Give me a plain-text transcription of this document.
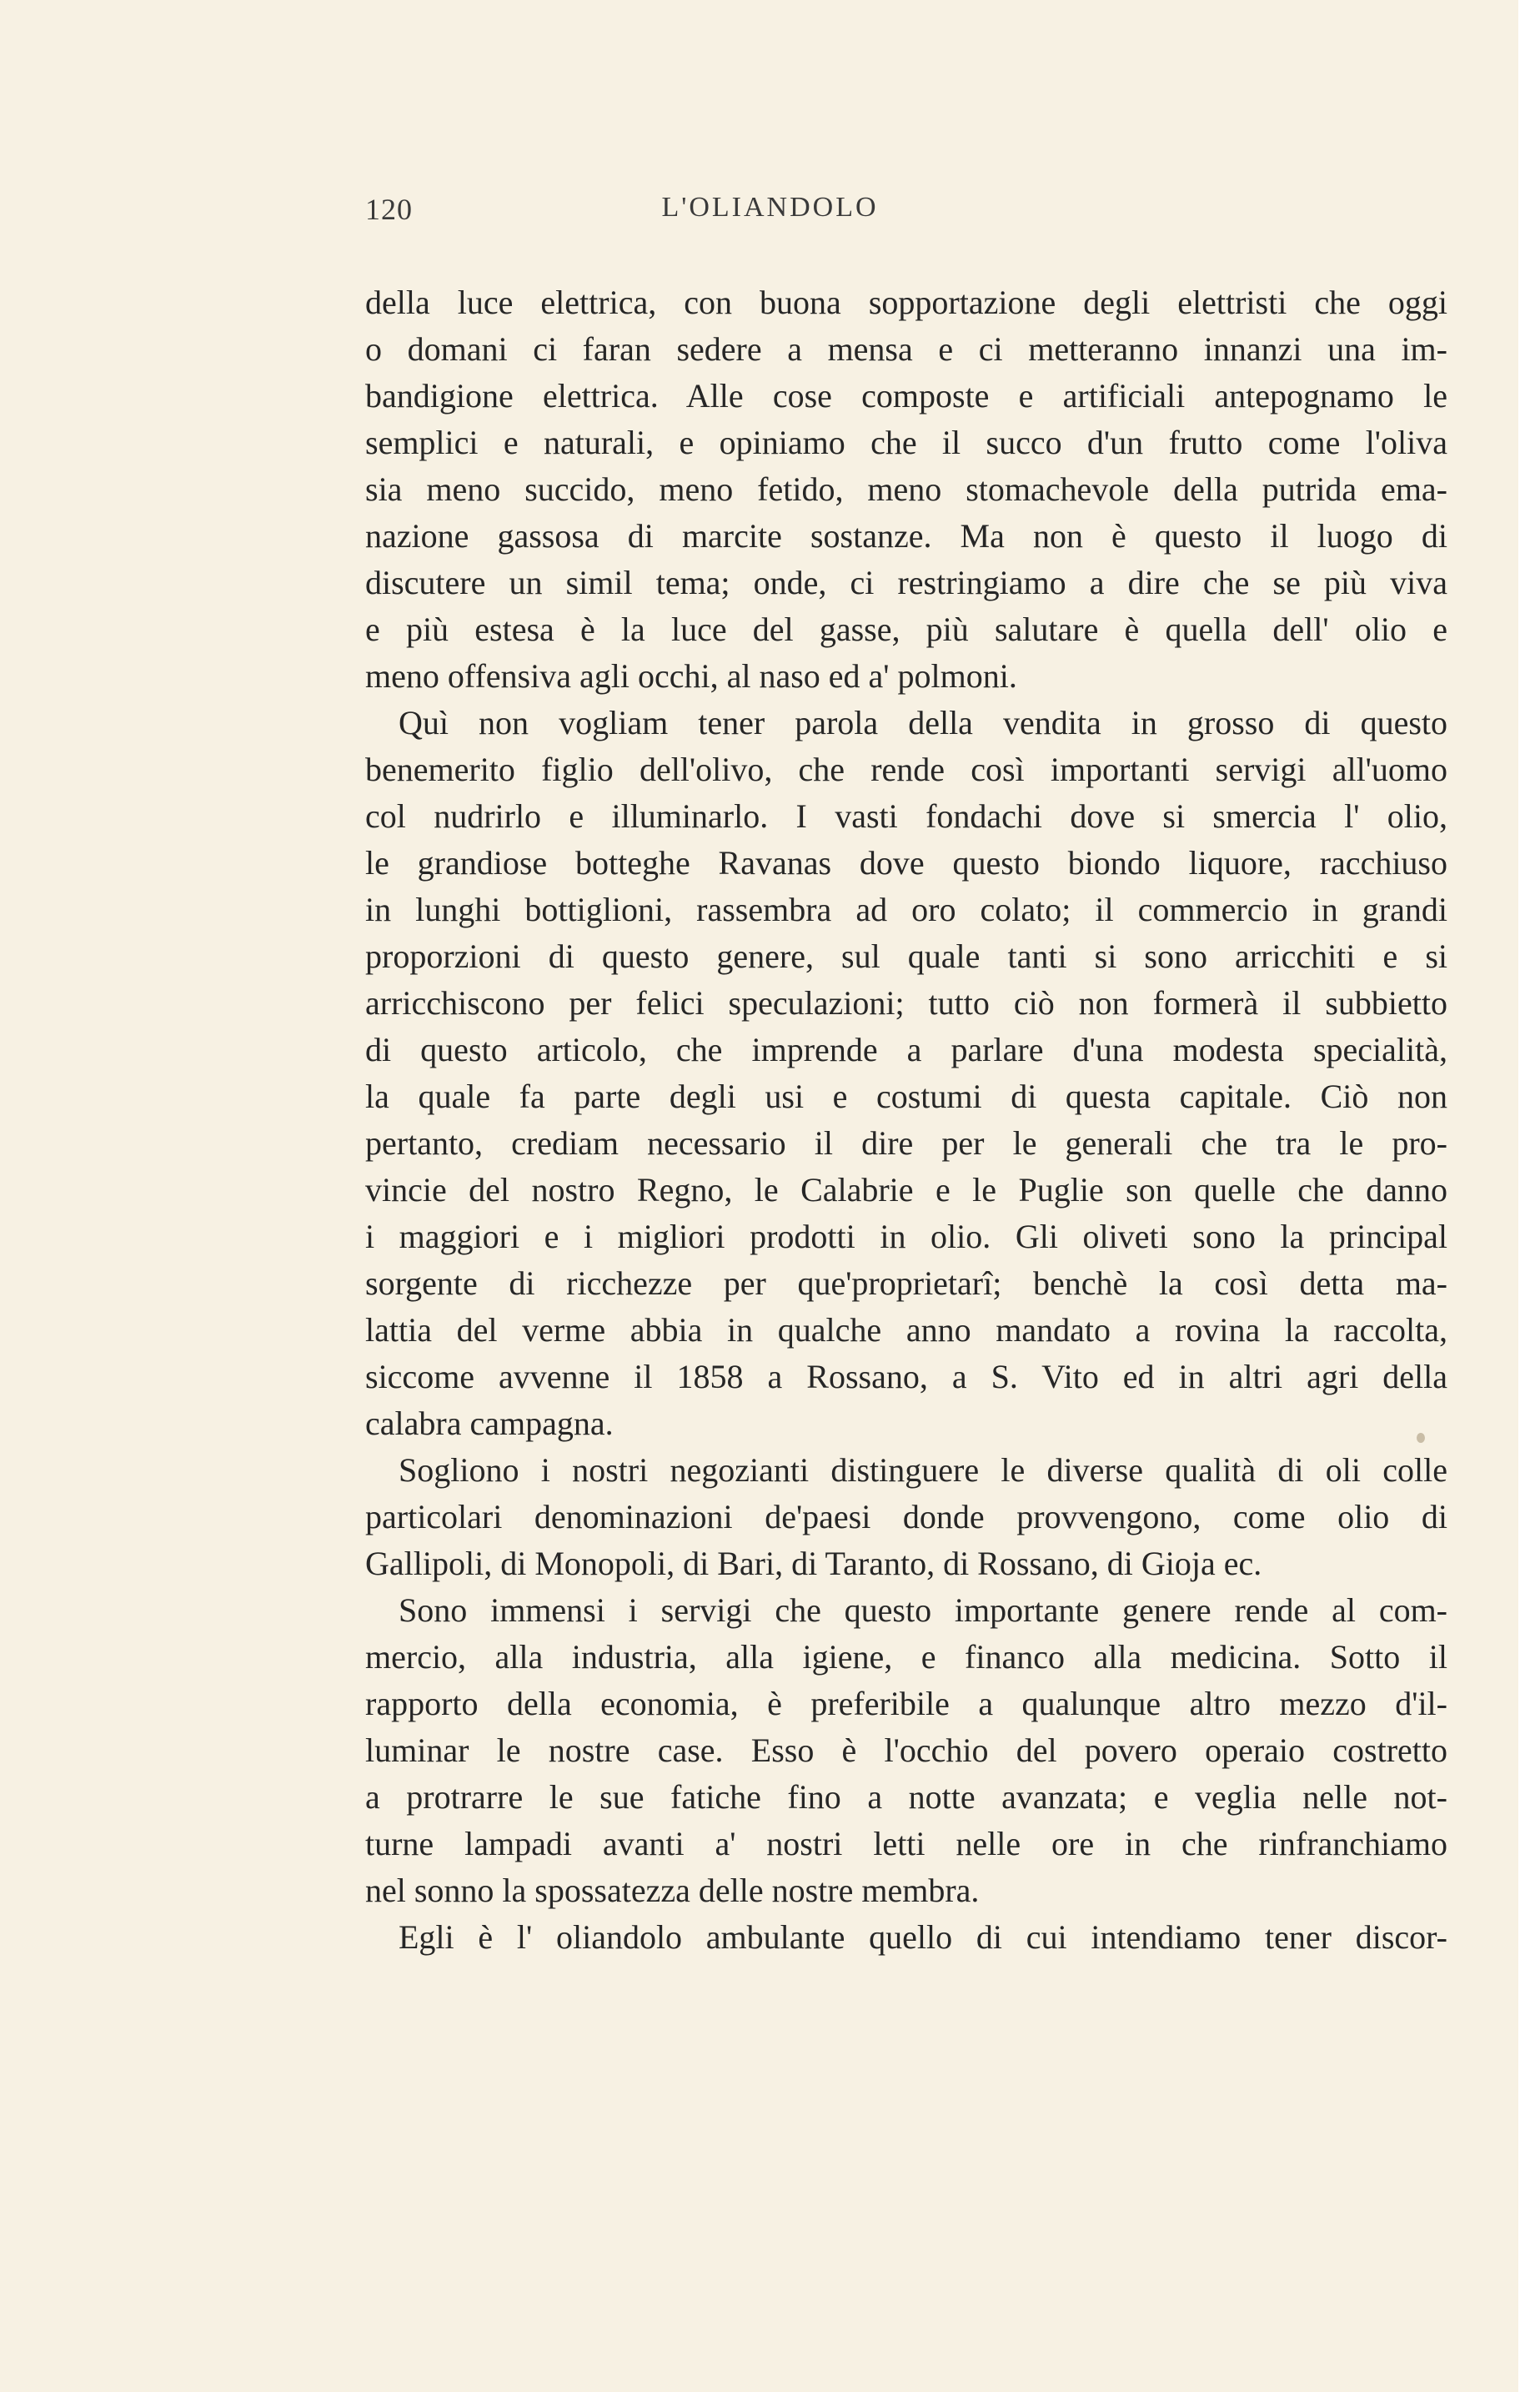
120	L'OLIANDOLO
della luce elettrica, con buona sopportazione degli elettristi che oggi
o domani ci faran sedere a mensa e ci metteranno innanzi una im-
bandigione elettrica. Alle cose composte e artificiali antepognamo le
semplici e naturali, e opiniamo che il succo d'un frutto come l'oliva
sia meno succido, meno fetido, meno stomachevole della putrida ema-
nazione gassosa di marcite sostanze. Ma non è questo il luogo di
discutere un simil tema; onde, ci restringiamo a dire che se più viva
e più estesa è la luce del gasse, più salutare è quella dell' olio e
meno offensiva agli occhi, al naso ed a' polmoni.
Quì non vogliam tener parola della vendita in grosso di questo
benemerito figlio dell'olivo, che rende così importanti servigi all'uomo
col nudrirlo e illuminarlo. I vasti fondachi dove si smercia l' olio,
le grandiose botteghe Ravanas dove questo biondo liquore, racchiuso
in lunghi bottiglioni, rassembra ad oro colato; il commercio in grandi
proporzioni di questo genere, sul quale tanti si sono arricchiti e si
arricchiscono per felici speculazioni; tutto ciò non formerà il subbietto
di questo articolo, che imprende a parlare d'una modesta specialità,
la quale fa parte degli usi e costumi di questa capitale. Ciò non
pertanto, crediam necessario il dire per le generali che tra le pro-
vincie del nostro Regno, le Calabrie e le Puglie son quelle che danno
i maggiori e i migliori prodotti in olio. Gli oliveti sono la principal
sorgente di ricchezze per que'proprietarî; benchè la così detta ma-
lattia del verme abbia in qualche anno mandato a rovina la raccolta,
siccome avvenne il 1858 a Rossano, a S. Vito ed in altri agri della
calabra campagna.
Sogliono i nostri negozianti distinguere le diverse qualità di oli colle
particolari denominazioni de'paesi donde provvengono, come olio di
Gallipoli, di Monopoli, di Bari, di Taranto, di Rossano, di Gioja ec.
Sono immensi i servigi che questo importante genere rende al com-
mercio, alla industria, alla igiene, e financo alla medicina. Sotto il
rapporto della economia, è preferibile a qualunque altro mezzo d'il-
luminar le nostre case. Esso è l'occhio del povero operaio costretto
a protrarre le sue fatiche fino a notte avanzata; e veglia nelle not-
turne lampadi avanti a' nostri letti nelle ore in che rinfranchiamo
nel sonno la spossatezza delle nostre membra.
Egli è l' oliandolo ambulante quello di cui intendiamo tener discor-
